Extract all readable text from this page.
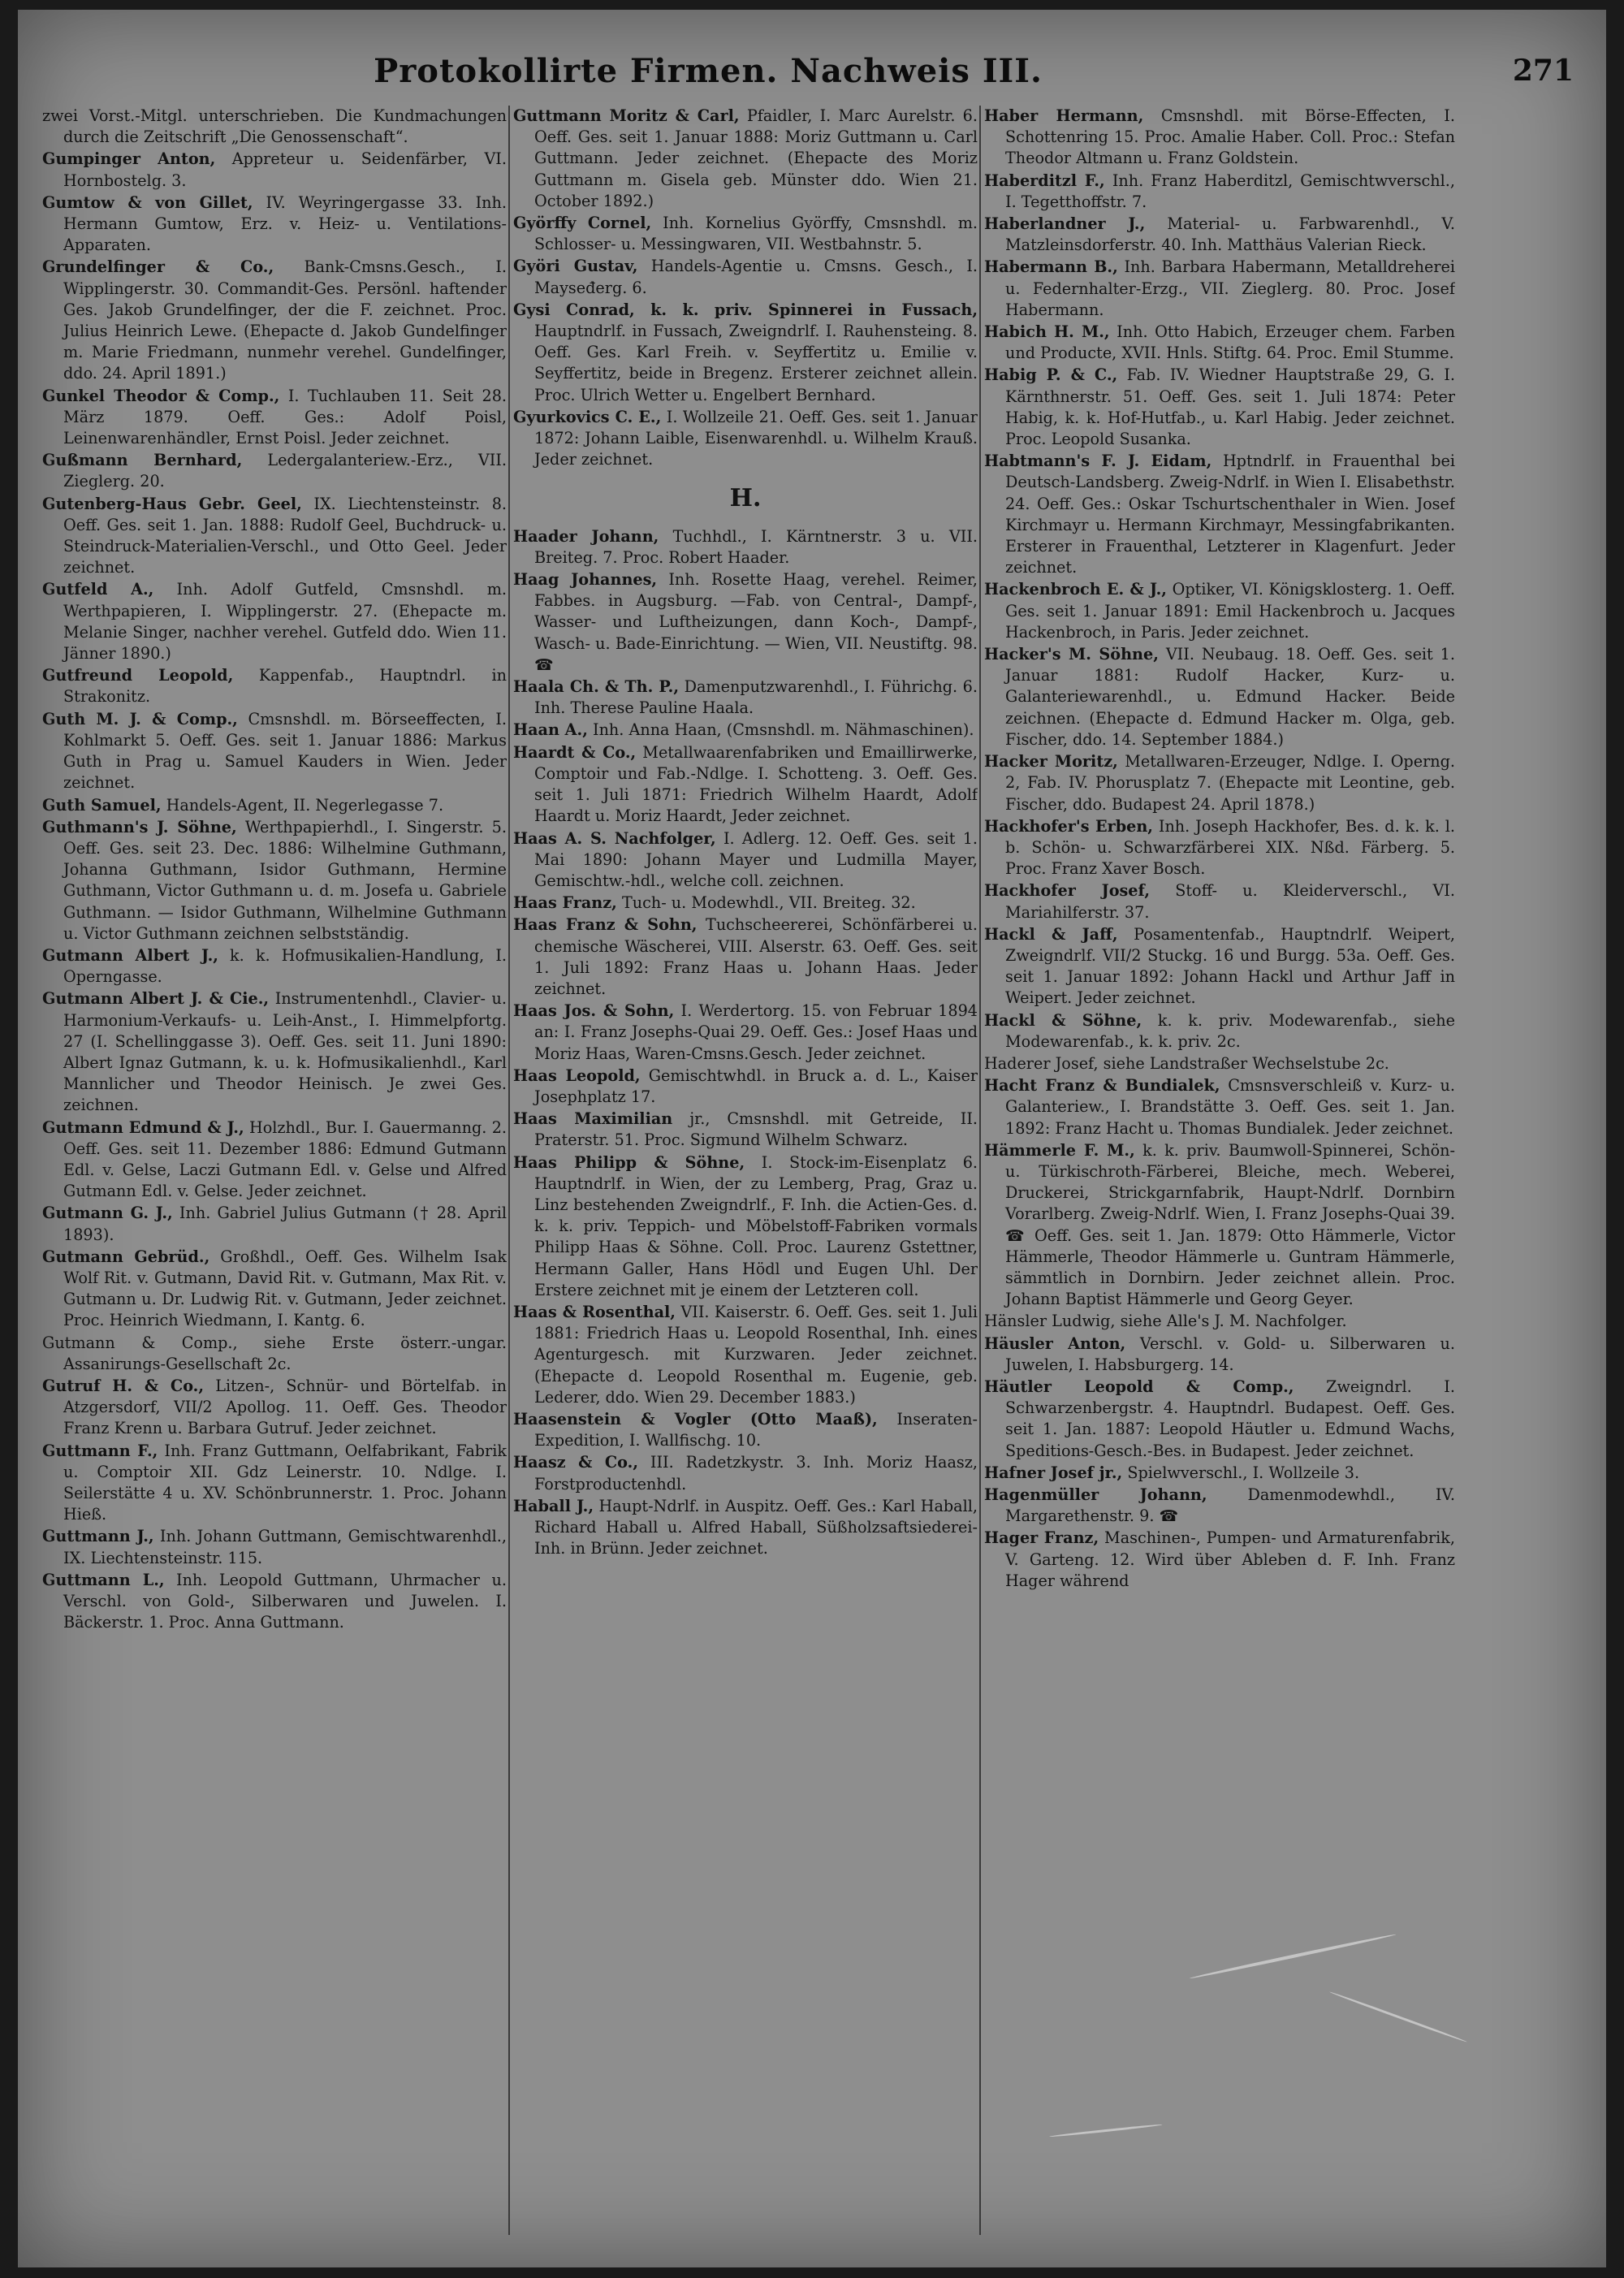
Protokollirte Firmen. Nachweis III.	271
zwei Vorst.-Mitgl. unterschrieben. Die Kundmachungen durch die Zeitschrift „Die Genossenschaft“.
Gumpinger Anton, Appreteur u. Seidenfärber, VI. Hornbostelg. 3.
Gumtow & von Gillet, IV. Weyringergasse 33. Inh. Hermann Gumtow, Erz. v. Heiz- u. Ventilations-Apparaten.
Grundelfinger & Co., Bank-Cmsns.Gesch., I. Wipplingerstr. 30. Commandit-Ges. Persönl. haftender Ges. Jakob Grundelfinger, der die F. zeichnet. Proc. Julius Heinrich Lewe. (Ehepacte d. Jakob Gundelfinger m. Marie Friedmann, nunmehr verehel. Gundelfinger, ddo. 24. April 1891.)
Gunkel Theodor & Comp., I. Tuchlauben 11. Seit 28. März 1879. Oeff. Ges.: Adolf Poisl, Leinenwarenhändler, Ernst Poisl. Jeder zeichnet.
Gußmann Bernhard, Ledergalanteriew.-Erz., VII. Zieglerg. 20.
Gutenberg-Haus Gebr. Geel, IX. Liechtensteinstr. 8. Oeff. Ges. seit 1. Jan. 1888: Rudolf Geel, Buchdruck- u. Steindruck-Materialien-Verschl., und Otto Geel. Jeder zeichnet.
Gutfeld A., Inh. Adolf Gutfeld, Cmsnshdl. m. Werthpapieren, I. Wipplingerstr. 27. (Ehepacte m. Melanie Singer, nachher verehel. Gutfeld ddo. Wien 11. Jänner 1890.)
Gutfreund Leopold, Kappenfab., Hauptndrl. in Strakonitz.
Guth M. J. & Comp., Cmsnshdl. m. Börseeffecten, I. Kohlmarkt 5. Oeff. Ges. seit 1. Januar 1886: Markus Guth in Prag u. Samuel Kauders in Wien. Jeder zeichnet.
Guth Samuel, Handels-Agent, II. Negerlegasse 7.
Guthmann's J. Söhne, Werthpapierhdl., I. Singerstr. 5. Oeff. Ges. seit 23. Dec. 1886: Wilhelmine Guthmann, Johanna Guthmann, Isidor Guthmann, Hermine Guthmann, Victor Guthmann u. d. m. Josefa u. Gabriele Guthmann. — Isidor Guthmann, Wilhelmine Guthmann u. Victor Guthmann zeichnen selbstständig.
Gutmann Albert J., k. k. Hofmusikalien-Handlung, I. Operngasse.
Gutmann Albert J. & Cie., Instrumentenhdl., Clavier- u. Harmonium-Verkaufs- u. Leih-Anst., I. Himmelpfortg. 27 (I. Schellinggasse 3). Oeff. Ges. seit 11. Juni 1890: Albert Ignaz Gutmann, k. u. k. Hofmusikalienhdl., Karl Mannlicher und Theodor Heinisch. Je zwei Ges. zeichnen.
Gutmann Edmund & J., Holzhdl., Bur. I. Gauermanng. 2. Oeff. Ges. seit 11. Dezember 1886: Edmund Gutmann Edl. v. Gelse, Laczi Gutmann Edl. v. Gelse und Alfred Gutmann Edl. v. Gelse. Jeder zeichnet.
Gutmann G. J., Inh. Gabriel Julius Gutmann († 28. April 1893).
Gutmann Gebrüd., Großhdl., Oeff. Ges. Wilhelm Isak Wolf Rit. v. Gutmann, David Rit. v. Gutmann, Max Rit. v. Gutmann u. Dr. Ludwig Rit. v. Gutmann, Jeder zeichnet. Proc. Heinrich Wiedmann, I. Kantg. 6.
Gutmann & Comp., siehe Erste österr.-ungar. Assanirungs-Gesellschaft 2c.
Gutruf H. & Co., Litzen-, Schnür- und Börtelfab. in Atzgersdorf, VII/2 Apollog. 11. Oeff. Ges. Theodor Franz Krenn u. Barbara Gutruf. Jeder zeichnet.
Guttmann F., Inh. Franz Guttmann, Oelfabrikant, Fabrik u. Comptoir XII. Gdz Leinerstr. 10. Ndlge. I. Seilerstätte 4 u. XV. Schönbrunnerstr. 1. Proc. Johann Hieß.
Guttmann J., Inh. Johann Guttmann, Gemischtwarenhdl., IX. Liechtensteinstr. 115.
Guttmann L., Inh. Leopold Guttmann, Uhrmacher u. Verschl. von Gold-, Silberwaren und Juwelen. I. Bäckerstr. 1. Proc. Anna Guttmann.
Guttmann Moritz & Carl, Pfaidler, I. Marc Aurelstr. 6. Oeff. Ges. seit 1. Januar 1888: Moriz Guttmann u. Carl Guttmann. Jeder zeichnet. (Ehepacte des Moriz Guttmann m. Gisela geb. Münster ddo. Wien 21. October 1892.)
Györffy Cornel, Inh. Kornelius Györffy, Cmsnshdl. m. Schlosser- u. Messingwaren, VII. Westbahnstr. 5.
Györi Gustav, Handels-Agentie u. Cmsns. Gesch., I. Mayseđerg. 6.
Gysi Conrad, k. k. priv. Spinnerei in Fussach, Hauptndrlf. in Fussach, Zweigndrlf. I. Rauhensteing. 8. Oeff. Ges. Karl Freih. v. Seyffertitz u. Emilie v. Seyffertitz, beide in Bregenz. Ersterer zeichnet allein. Proc. Ulrich Wetter u. Engelbert Bernhard.
Gyurkovics C. E., I. Wollzeile 21. Oeff. Ges. seit 1. Januar 1872: Johann Laible, Eisenwarenhdl. u. Wilhelm Krauß. Jeder zeichnet.
H.
Haader Johann, Tuchhdl., I. Kärntnerstr. 3 u. VII. Breiteg. 7. Proc. Robert Haader.
Haag Johannes, Inh. Rosette Haag, verehel. Reimer, Fabbes. in Augsburg. —Fab. von Central-, Dampf-, Wasser- und Luftheizungen, dann Koch-, Dampf-, Wasch- u. Bade-Einrichtung. — Wien, VII. Neustiftg. 98. ☎
Haala Ch. & Th. P., Damenputzwarenhdl., I. Führichg. 6. Inh. Therese Pauline Haala.
Haan A., Inh. Anna Haan, (Cmsnshdl. m. Nähmaschinen).
Haardt & Co., Metallwaarenfabriken und Emaillirwerke, Comptoir und Fab.-Ndlge. I. Schotteng. 3. Oeff. Ges. seit 1. Juli 1871: Friedrich Wilhelm Haardt, Adolf Haardt u. Moriz Haardt, Jeder zeichnet.
Haas A. S. Nachfolger, I. Adlerg. 12. Oeff. Ges. seit 1. Mai 1890: Johann Mayer und Ludmilla Mayer, Gemischtw.-hdl., welche coll. zeichnen.
Haas Franz, Tuch- u. Modewhdl., VII. Breiteg. 32.
Haas Franz & Sohn, Tuchscheererei, Schönfärberei u. chemische Wäscherei, VIII. Alserstr. 63. Oeff. Ges. seit 1. Juli 1892: Franz Haas u. Johann Haas. Jeder zeichnet.
Haas Jos. & Sohn, I. Werdertorg. 15. von Februar 1894 an: I. Franz Josephs-Quai 29. Oeff. Ges.: Josef Haas und Moriz Haas, Waren-Cmsns.Gesch. Jeder zeichnet.
Haas Leopold, Gemischtwhdl. in Bruck a. d. L., Kaiser Josephplatz 17.
Haas Maximilian jr., Cmsnshdl. mit Getreide, II. Praterstr. 51. Proc. Sigmund Wilhelm Schwarz.
Haas Philipp & Söhne, I. Stock-im-Eisenplatz 6. Hauptndrlf. in Wien, der zu Lemberg, Prag, Graz u. Linz bestehenden Zweigndrlf., F. Inh. die Actien-Ges. d. k. k. priv. Teppich- und Möbelstoff-Fabriken vormals Philipp Haas & Söhne. Coll. Proc. Laurenz Gstettner, Hermann Galler, Hans Hödl und Eugen Uhl. Der Erstere zeichnet mit je einem der Letzteren coll.
Haas & Rosenthal, VII. Kaiserstr. 6. Oeff. Ges. seit 1. Juli 1881: Friedrich Haas u. Leopold Rosenthal, Inh. eines Agenturgesch. mit Kurzwaren. Jeder zeichnet. (Ehepacte d. Leopold Rosenthal m. Eugenie, geb. Lederer, ddo. Wien 29. December 1883.)
Haasenstein & Vogler (Otto Maaß), Inseraten-Expedition, I. Wallfischg. 10.
Haasz & Co., III. Radetzkystr. 3. Inh. Moriz Haasz, Forstproductenhdl.
Haball J., Haupt-Ndrlf. in Auspitz. Oeff. Ges.: Karl Haball, Richard Haball u. Alfred Haball, Süßholzsaftsiederei-Inh. in Brünn. Jeder zeichnet.
Haber Hermann, Cmsnshdl. mit Börse-Effecten, I. Schottenring 15. Proc. Amalie Haber. Coll. Proc.: Stefan Theodor Altmann u. Franz Goldstein.
Haberditzl F., Inh. Franz Haberditzl, Gemischtwverschl., I. Tegetthoffstr. 7.
Haberlandner J., Material- u. Farbwarenhdl., V. Matzleinsdorferstr. 40. Inh. Matthäus Valerian Rieck.
Habermann B., Inh. Barbara Habermann, Metalldreherei u. Federnhalter-Erzg., VII. Zieglerg. 80. Proc. Josef Habermann.
Habich H. M., Inh. Otto Habich, Erzeuger chem. Farben und Producte, XVII. Hnls. Stiftg. 64. Proc. Emil Stumme.
Habig P. & C., Fab. IV. Wiedner Hauptstraße 29, G. I. Kärnthnerstr. 51. Oeff. Ges. seit 1. Juli 1874: Peter Habig, k. k. Hof-Hutfab., u. Karl Habig. Jeder zeichnet. Proc. Leopold Susanka.
Habtmann's F. J. Eidam, Hptndrlf. in Frauenthal bei Deutsch-Landsberg. Zweig-Ndrlf. in Wien I. Elisabethstr. 24. Oeff. Ges.: Oskar Tschurtschenthaler in Wien. Josef Kirchmayr u. Hermann Kirchmayr, Messingfabrikanten. Ersterer in Frauenthal, Letzterer in Klagenfurt. Jeder zeichnet.
Hackenbroch E. & J., Optiker, VI. Königsklosterg. 1. Oeff. Ges. seit 1. Januar 1891: Emil Hackenbroch u. Jacques Hackenbroch, in Paris. Jeder zeichnet.
Hacker's M. Söhne, VII. Neubaug. 18. Oeff. Ges. seit 1. Januar 1881: Rudolf Hacker, Kurz- u. Galanteriewarenhdl., u. Edmund Hacker. Beide zeichnen. (Ehepacte d. Edmund Hacker m. Olga, geb. Fischer, ddo. 14. September 1884.)
Hacker Moritz, Metallwaren-Erzeuger, Ndlge. I. Operng. 2, Fab. IV. Phorusplatz 7. (Ehepacte mit Leontine, geb. Fischer, ddo. Budapest 24. April 1878.)
Hackhofer's Erben, Inh. Joseph Hackhofer, Bes. d. k. k. l. b. Schön- u. Schwarzfärberei XIX. Nßd. Färberg. 5. Proc. Franz Xaver Bosch.
Hackhofer Josef, Stoff- u. Kleiderverschl., VI. Mariahilferstr. 37.
Hackl & Jaff, Posamentenfab., Hauptndrlf. Weipert, Zweigndrlf. VII/2 Stuckg. 16 und Burgg. 53a. Oeff. Ges. seit 1. Januar 1892: Johann Hackl und Arthur Jaff in Weipert. Jeder zeichnet.
Hackl & Söhne, k. k. priv. Modewarenfab., siehe Modewarenfab., k. k. priv. 2c.
Haderer Josef, siehe Landstraßer Wechselstube 2c.
Hacht Franz & Bundialek, Cmsnsverschleiß v. Kurz- u. Galanteriew., I. Brandstätte 3. Oeff. Ges. seit 1. Jan. 1892: Franz Hacht u. Thomas Bundialek. Jeder zeichnet.
Hämmerle F. M., k. k. priv. Baumwoll-Spinnerei, Schön- u. Türkischroth-Färberei, Bleiche, mech. Weberei, Druckerei, Strickgarnfabrik, Haupt-Ndrlf. Dornbirn Vorarlberg. Zweig-Ndrlf. Wien, I. Franz Josephs-Quai 39. ☎ Oeff. Ges. seit 1. Jan. 1879: Otto Hämmerle, Victor Hämmerle, Theodor Hämmerle u. Guntram Hämmerle, sämmtlich in Dornbirn. Jeder zeichnet allein. Proc. Johann Baptist Hämmerle und Georg Geyer.
Hänsler Ludwig, siehe Alle's J. M. Nachfolger.
Häusler Anton, Verschl. v. Gold- u. Silberwaren u. Juwelen, I. Habsburgerg. 14.
Häutler Leopold & Comp., Zweigndrl. I. Schwarzenbergstr. 4. Hauptndrl. Budapest. Oeff. Ges. seit 1. Jan. 1887: Leopold Häutler u. Edmund Wachs, Speditions-Gesch.-Bes. in Budapest. Jeder zeichnet.
Hafner Josef jr., Spielwverschl., I. Wollzeile 3.
Hagenmüller Johann,	Damenmodewhdl., IV. Margarethenstr. 9. ☎
Hager Franz, Maschinen-, Pumpen- und Armaturenfabrik, V. Garteng. 12. Wird über Ableben d. F. Inh. Franz Hager während
